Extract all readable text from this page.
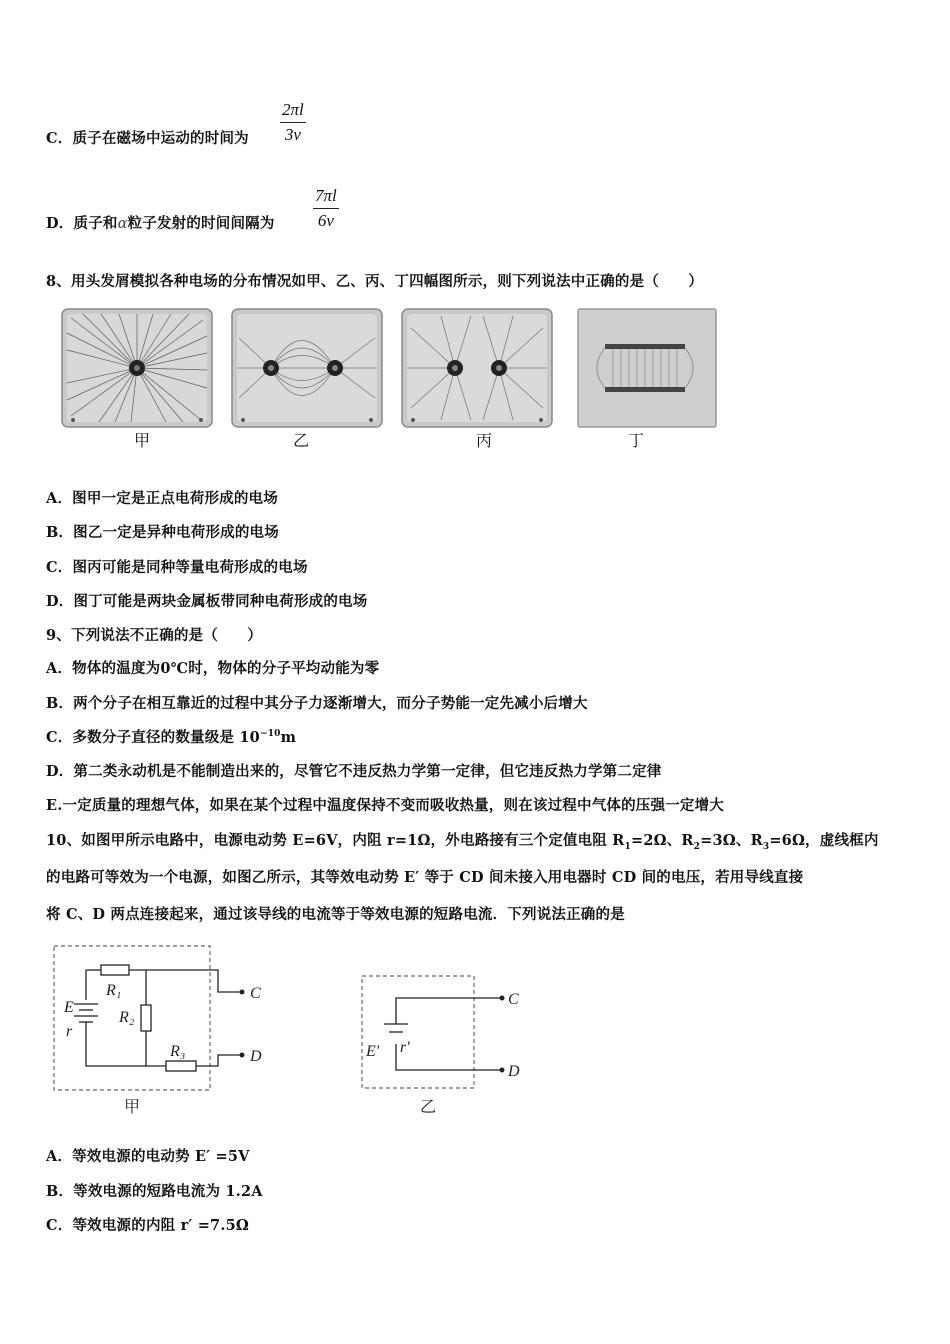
C．质子在磁场中运动的时间为 $\frac{2\pi l}{3v}$
D．质子和α粒子发射的时间间隔为 $\frac{7\pi l}{6v}$
8、用头发屑模拟各种电场的分布情况如甲、乙、丙、丁四幅图所示，则下列说法中正确的是（　　）
甲	乙	丙	丁
A．图甲一定是正点电荷形成的电场
B．图乙一定是异种电荷形成的电场
C．图丙可能是同种等量电荷形成的电场
D．图丁可能是两块金属板带同种电荷形成的电场
9、下列说法不正确的是（　　）
A．物体的温度为0℃时，物体的分子平均动能为零
B．两个分子在相互靠近的过程中其分子力逐渐增大，而分子势能一定先减小后增大
C．多数分子直径的数量级是 $10^{-10}m$
D．第二类永动机是不能制造出来的，尽管它不违反热力学第一定律，但它违反热力学第二定律
E.一定质量的理想气体，如果在某个过程中温度保持不变而吸收热量，则在该过程中气体的压强一定增大
10、如图甲所示电路中，电源电动势 E=6V，内阻 r=1Ω，外电路接有三个定值电阻 $R_1=2\Omega$、$R_2=3\Omega$、$R_3=6\Omega$，虚线框内
的电路可等效为一个电源，如图乙所示，其等效电动势 E′ 等于 CD 间未接入用电器时 CD 间的电压，若用导线直接
将 C、D 两点连接起来，通过该导线的电流等于等效电源的短路电流．下列说法正确的是
E
r
R₁
R₂
R₃
C
D
甲
E′ r′
C
D
乙
A．等效电源的电动势 E′ =5V
B．等效电源的短路电流为 1.2A
C．等效电源的内阻 r′ =7.5Ω
